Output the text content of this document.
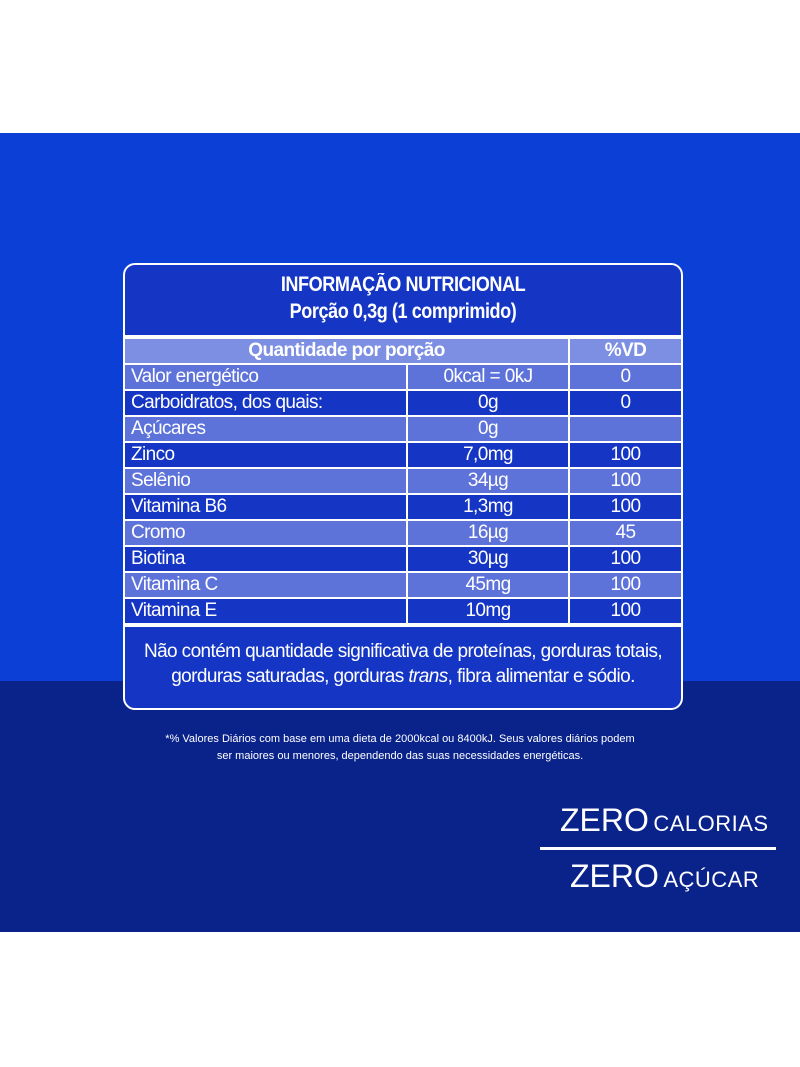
INFORMAÇÃO NUTRICIONAL
Porção 0,3g (1 comprimido)
Quantidade por porção		%VD
Valor energético	0kcal = 0kJ	0
Carboidratos, dos quais:	0g	0
Açúcares	0g	
Zinco	7,0mg	100
Selênio	34µg	100
Vitamina B6	1,3mg	100
Cromo	16µg	45
Biotina	30µg	100
Vitamina C	45mg	100
Vitamina E	10mg	100
Não contém quantidade significativa de proteínas, gorduras totais,
gorduras saturadas, gorduras trans, fibra alimentar e sódio.
*% Valores Diários com base em uma dieta de 2000kcal ou 8400kJ. Seus valores diários podem
ser maiores ou menores, dependendo das suas necessidades energéticas.
ZERO CALORIAS
ZERO AÇÚCAR
